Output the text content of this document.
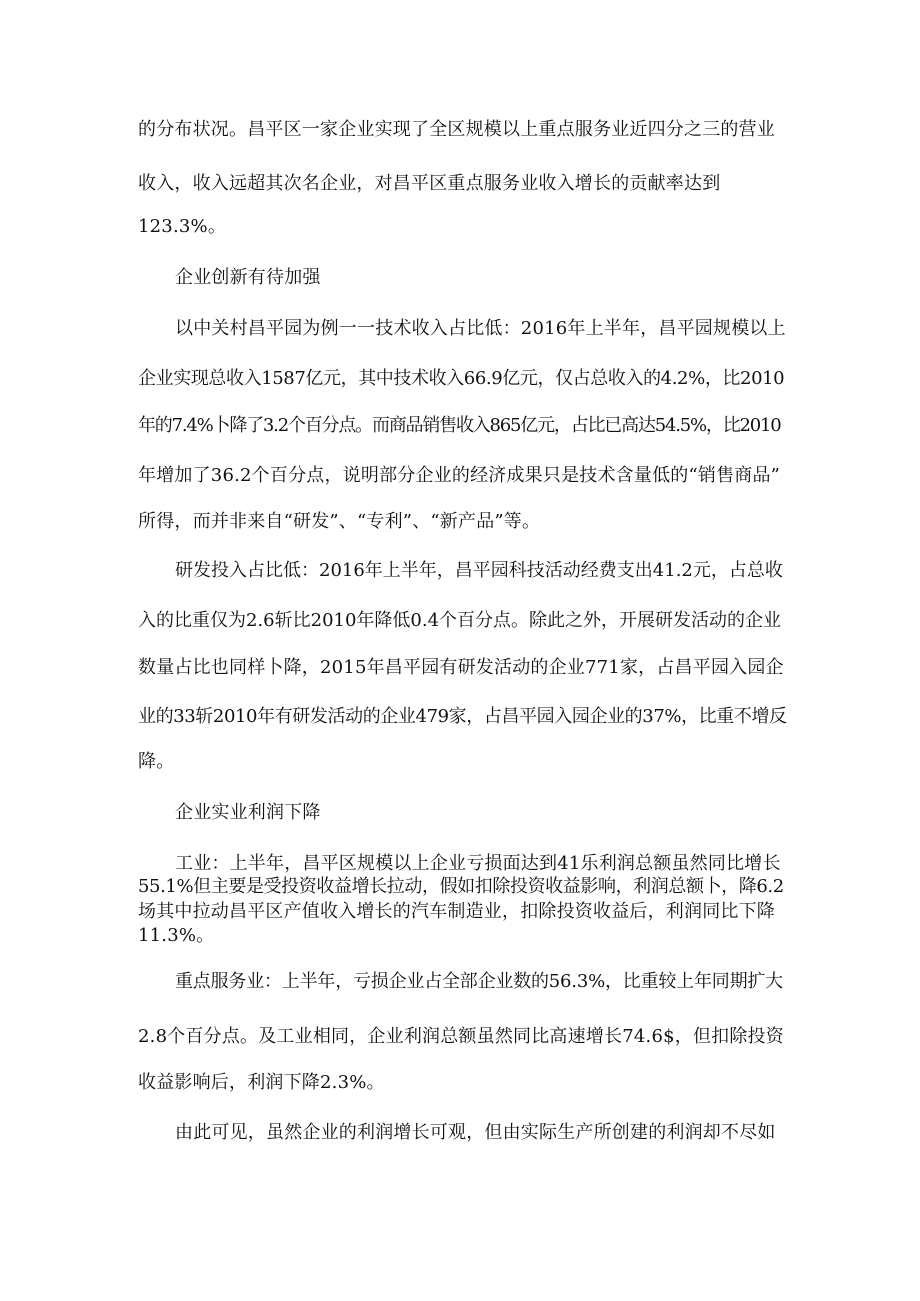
的分布状况。昌平区一家企业实现了全区规模以上重点服务业近四分之三的营业
收入，收入远超其次名企业，对昌平区重点服务业收入增长的贡献率达到
123.3%。
企业创新有待加强
以中关村昌平园为例一一技术收入占比低：2016年上半年，昌平园规模以上
企业实现总收入1587亿元，其中技术收入66.9亿元，仅占总收入的4.2%，比2010
年的7.4%卜降了3.2个百分点。而商品销售收入865亿元，占比已高达54.5%，比2010
年增加了36.2个百分点，说明部分企业的经济成果只是技术含量低的“销售商品”
所得，而并非来自“研发”、“专利”、“新产品”等。
研发投入占比低：2016年上半年，昌平园科技活动经费支出41.2元，占总收
入的比重仅为2.6斩比2010年降低0.4个百分点。除此之外，开展研发活动的企业
数量占比也同样卜降，2015年昌平园有研发活动的企业771家，占昌平园入园企
业的33斩2010年有研发活动的企业479家，占昌平园入园企业的37%，比重不增反
降。
企业实业利润下降
工业：上半年，昌平区规模以上企业亏损面达到41乐利润总额虽然同比增长
55.1%但主要是受投资收益增长拉动，假如扣除投资收益影响，利润总额卜，降6.2
场其中拉动昌平区产值收入增长的汽车制造业，扣除投资收益后，利润同比下降
11.3%。
重点服务业：上半年，亏损企业占全部企业数的56.3%，比重较上年同期扩大
2.8个百分点。及工业相同，企业利润总额虽然同比高速增长74.6$，但扣除投资
收益影响后，利润下降2.3%。
由此可见，虽然企业的利润增长可观，但由实际生产所创建的利润却不尽如
